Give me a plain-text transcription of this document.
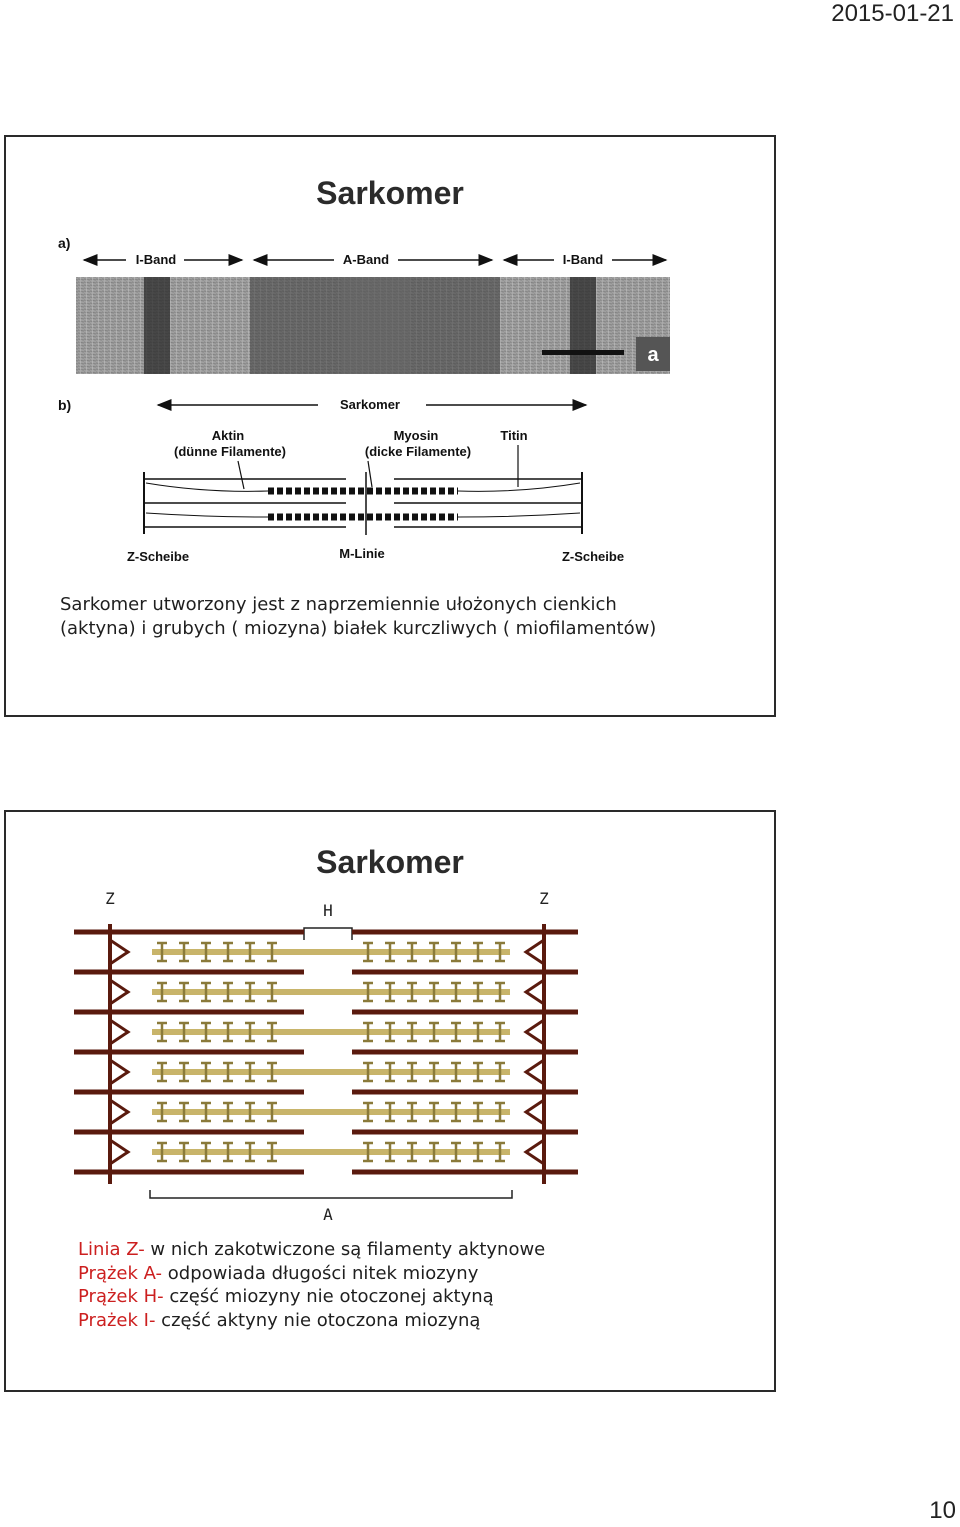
2015-01-21
Sarkomer
a)
I-Band	A-Band	I-Band
a
b)	Sarkomer
Aktin
(dünne Filamente)
Myosin
(dicke Filamente)
Titin
Z-Scheibe	M-Linie	Z-Scheibe
Sarkomer utworzony jest z naprzemiennie ułożonych cienkich
(aktyna) i grubych ( miozyna) białek kurczliwych ( miofilamentów)
Sarkomer
Z	Z
H
A
Linia Z- w nich zakotwiczone są filamenty aktynowe
Prążek A- odpowiada długości nitek miozyny
Prążek H- część miozyny nie otoczonej aktyną
Prażek I- część aktyny nie otoczona miozyną
10
